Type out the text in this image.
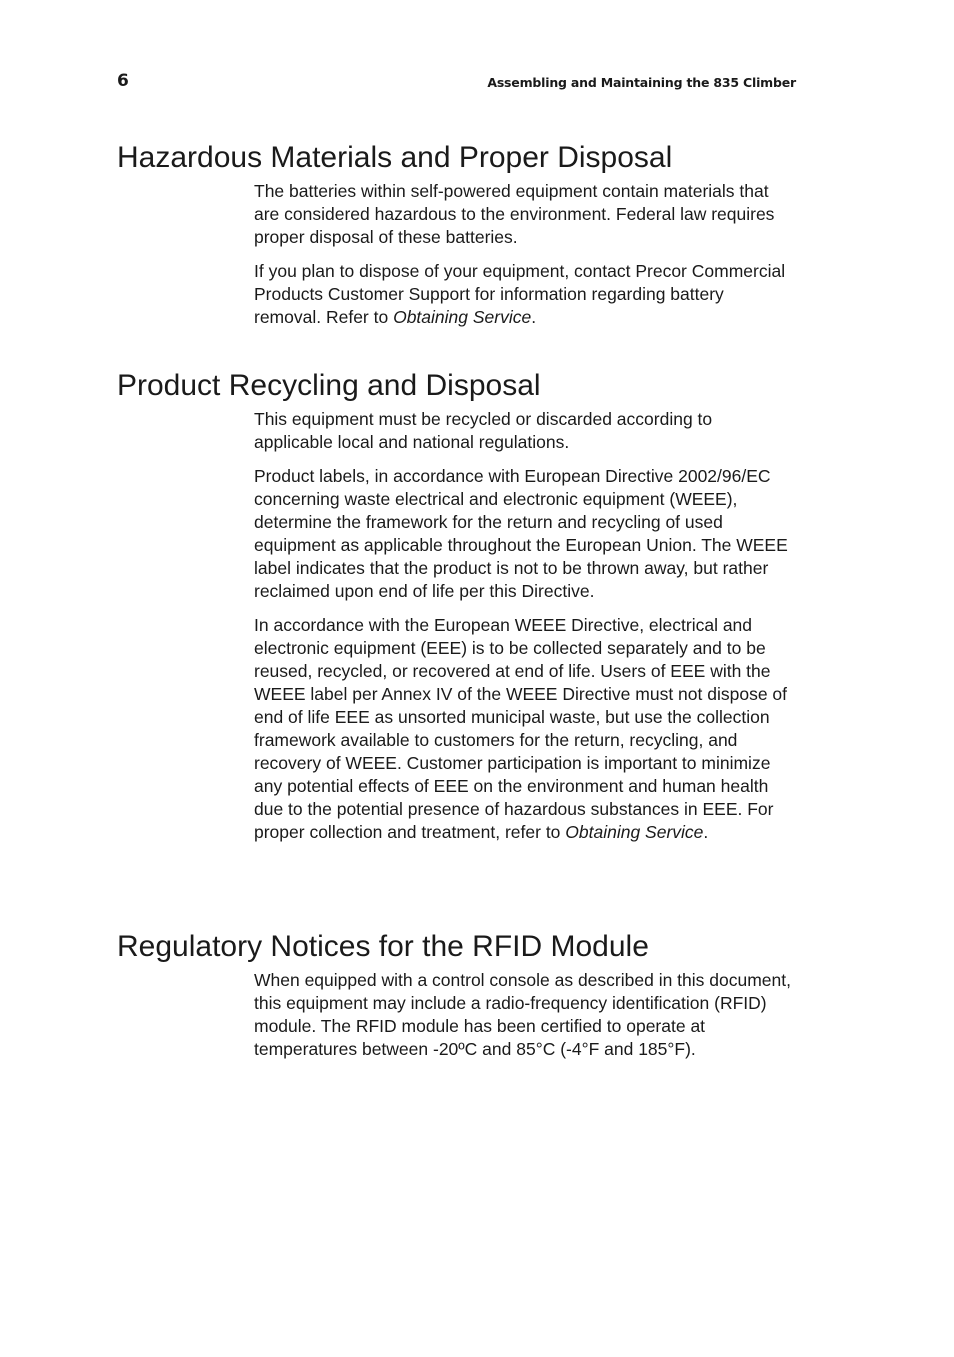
6	Assembling and Maintaining the 835 Climber
Hazardous Materials and Proper Disposal

The batteries within self-powered equipment contain materials that are considered hazardous to the environment. Federal law requires proper disposal of these batteries.

If you plan to dispose of your equipment, contact Precor Commercial Products Customer Support for information regarding battery removal. Refer to Obtaining Service.

Product Recycling and Disposal

This equipment must be recycled or discarded according to applicable local and national regulations.

Product labels, in accordance with European Directive 2002/96/EC concerning waste electrical and electronic equipment (WEEE), determine the framework for the return and recycling of used equipment as applicable throughout the European Union. The WEEE label indicates that the product is not to be thrown away, but rather reclaimed upon end of life per this Directive.

In accordance with the European WEEE Directive, electrical and electronic equipment (EEE) is to be collected separately and to be reused, recycled, or recovered at end of life. Users of EEE with the WEEE label per Annex IV of the WEEE Directive must not dispose of end of life EEE as unsorted municipal waste, but use the collection framework available to customers for the return, recycling, and recovery of WEEE. Customer participation is important to minimize any potential effects of EEE on the environment and human health due to the potential presence of hazardous substances in EEE. For proper collection and treatment, refer to Obtaining Service.

Regulatory Notices for the RFID Module

When equipped with a control console as described in this document, this equipment may include a radio-frequency identification (RFID) module. The RFID module has been certified to operate at temperatures between -20ºC and 85°C (-4°F and 185°F).
